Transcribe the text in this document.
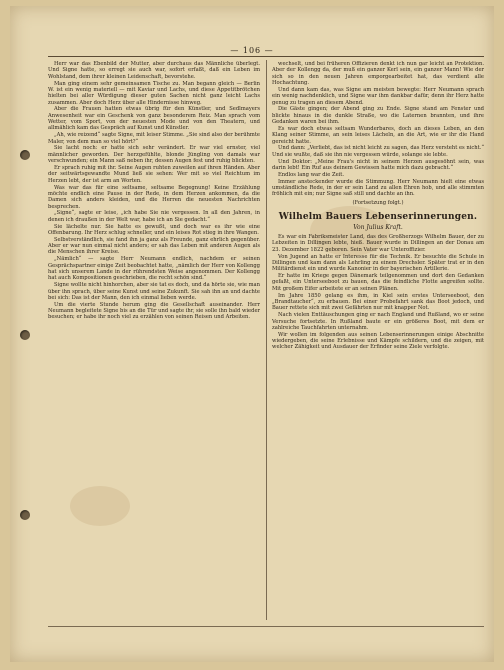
— 106 —

Herr war das Ebenbild der Mutter, aber durchaus das Männliche überlegt. Und Signe hatte, so erregt sie auch war, sofort erfaßt, daß ein Leben im Wohlstand, dem ihrer kleinen Leidenschaft, bevorstehe.

Man ging einem sehr gemeinsamen Tische zu. Man begann gleich — Berlin W. ist ein wenig materiell — mit Kaviar und Lachs, und diese Appetitbrötchen hielten bei aller Würdigung dieser guten Sachen nicht ganz leicht Lachs zusammen. Aber doch Herz über alle Hindernisse hinweg.

Aber die Frauen hatten etwas übrig für den Künstler, und Sedlmayers Anwesenheit war ein Geschenk von ganz besonderem Reiz. Man sprach vom Wetter, vom Sport, von der neuesten Mode und von den Theatern, und allmählich kam das Gespräch auf Kunst und Künstler.

„Ah, wie reizend“ sagte Signe, mit leiser Stimme. „Sie sind also der berühmte Maler, von dem man so viel hört?“

Sie lacht noch: er hatte sich sehr verändert. Er war viel ernster, viel männlicher geworden. Der herzgefühlte, blonde Jüngling von damals war verschwunden; ein Mann saß neben ihr, dessen Augen fest und ruhig blickten.

Er sprach ruhig mit ihr. Seine Augen ruhten zuweilen auf ihren Händen. Aber der seitwärtsgewandte Mund ließ sie sehen: Wer mit so viel Reichtum im Herzen lebt, der ist arm an Worten.

Was war das für eine seltsame, seltsame Begegnung! Keine Erzählung möchte endlich eine Pause in der Rede, in dem Herzen ankommen, da die Damen sich anders kleiden, und die Herren die neuesten Nachrichten besprechen.

„Signe“, sagte er leise, „ich habe Sie nie vergessen. In all den Jahren, in denen ich draußen in der Welt war, habe ich an Sie gedacht.“

Sie lächelte nur. Sie hatte es gewußt, und doch war es ihr wie eine Offenbarung. Ihr Herz schlug schneller, und ein leises Rot stieg in ihre Wangen.

Selbstverständlich, sie fand ihn ja ganz als Freunde, ganz ehrlich gegenüber. Aber er war nun einmal nicht anders; er sah das Leben mit anderen Augen als die Menschen ihrer Kreise.

„Nämlich“ — sagte Herr Neumann endlich, nachdem er seinen Gesprächspartner einige Zeit beobachtet hatte, „nämlich der Herr von Kollengg hat sich unserem Lande in der rührendsten Weise angenommen. Der Kollengg hat auch Kompositionen geschrieben, die recht schön sind.“

Signe wollte nicht hinhorchen, aber sie tat es doch, und da hörte sie, wie man über ihn sprach, über seine Kunst und seine Zukunft. Sie sah ihn an und dachte bei sich: Das ist der Mann, den ich einmal lieben werde.

Um die vierte Stunde herum ging die Gesellschaft auseinander. Herr Neumann begleitete Signe bis an die Tür und sagte ihr, sie solle ihn bald wieder besuchen; er habe ihr noch viel zu erzählen von seinen Reisen und Arbeiten.

wechselt, und bei früheren Offizieren denkt ich nun gar leicht an Protektion. Aber der Kollengg da, der muß ein ganzer Kerl sein, ein ganzer Mann! Wie der sich so in den neuen Jahren emporgearbeitet hat, das verdient alle Hochachtung.

Und dann kam das, was Signe am meisten bewegte: Herr Neumann sprach ein wenig nachdenklich, und Signe war ihm dankbar dafür, denn ihr Herz hatte genug zu tragen an diesem Abend.

Die Gäste gingen; der Abend ging zu Ende. Signe stand am Fenster und blickte hinaus in die dunkle Straße, wo die Laternen brannten, und ihre Gedanken waren bei ihm.

Es war doch etwas seltsam Wunderbares, doch an dieses Leben, an den Klang seiner Stimme, an sein leises Lächeln, an die Art, wie er ihr die Hand gereicht hatte.

Und dann: „Verliebt, das ist nicht leicht zu sagen, das Herz versteht es nicht.“ Und sie wußte, daß sie ihn nie vergessen würde, solange sie lebte.

Und Doktor: „Meine Frau's nicht in seinem Herzen ausgesöhnt sein, was darin lebt! Ein Ruf aus deinem Gewissen hatte mich dazu gebracht.“

Endlos lang war die Zeit.

Immer ansteckender wurde die Stimmung. Herr Neumann hielt eine etwas umständliche Rede, in der er sein Land zu allen Ehren hob, und alle stimmten fröhlich mit ein; nur Signe saß still und dachte an ihn.

(Fortsetzung folgt.)

Wilhelm Bauers Lebenserinnerungen.
Von Julius Kraft.

Es war ein Fabriksmeister Land, das des Großherzogs Wilhelm Bauer, der zu Lebzeiten in Dillingen lebte, hieß. Bauer wurde in Dillingen an der Donau am 23. Dezember 1822 geboren. Sein Vater war Unteroffizier.

Von Jugend an hatte er Interesse für die Technik. Er besuchte die Schule in Dillingen und kam dann als Lehrling zu einem Drechsler. Später trat er in den Militärdienst ein und wurde Kanonier in der bayerischen Artillerie.

Er hatte im Kriege gegen Dänemark teilgenommen und dort den Gedanken gefaßt, ein Unterseeboot zu bauen, das die feindliche Flotte angreifen sollte. Mit großem Eifer arbeitete er an seinen Plänen.

Im Jahre 1850 gelang es ihm, in Kiel sein erstes Unterseeboot, den „Brandtaucher“, zu erbauen. Bei einer Probefahrt sank das Boot jedoch, und Bauer rettete sich mit zwei Gefährten nur mit knapper Not.

Nach vielen Enttäuschungen ging er nach England und Rußland, wo er seine Versuche fortsetzte. In Rußland baute er ein größeres Boot, mit dem er zahlreiche Tauchfahrten unternahm.

Wir wollen im folgenden aus seinen Lebenserinnerungen einige Abschnitte wiedergeben, die seine Erlebnisse und Kämpfe schildern, und die zeigen, mit welcher Zähigkeit und Ausdauer der Erfinder seine Ziele verfolgte.
